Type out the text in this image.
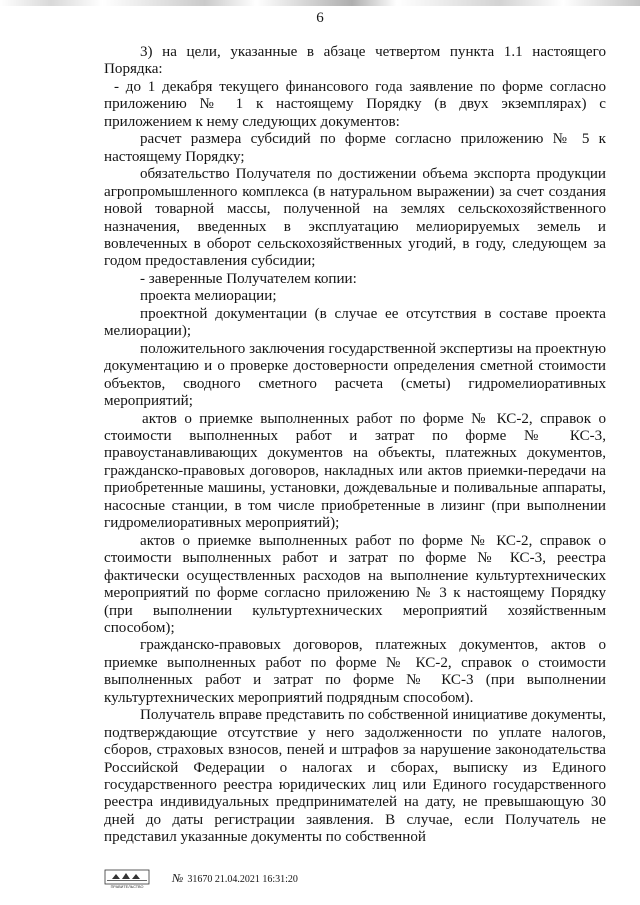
6

3) на цели, указанные в абзаце четвертом пункта 1.1 настоящего Порядка:

- до 1 декабря текущего финансового года заявление по форме согласно приложению № 1 к настоящему Порядку (в двух экземплярах) с приложением к нему следующих документов:

расчет размера субсидий по форме согласно приложению № 5 к настоящему Порядку;

обязательство Получателя по достижении объема экспорта продукции агропромышленного комплекса (в натуральном выражении) за счет создания новой товарной массы, полученной на землях сельскохозяйственного назначения, введенных в эксплуатацию мелиорируемых земель и вовлеченных в оборот сельскохозяйственных угодий, в году, следующем за годом предоставления субсидии;

- заверенные Получателем копии:

проекта мелиорации;

проектной документации (в случае ее отсутствия в составе проекта мелиорации);

положительного заключения государственной экспертизы на проектную документацию и о проверке достоверности определения сметной стоимости объектов, сводного сметного расчета (сметы) гидромелиоративных мероприятий;

актов о приемке выполненных работ по форме № КС-2, справок о стоимости выполненных работ и затрат по форме № КС-3, правоустанавливающих документов на объекты, платежных документов, гражданско-правовых договоров, накладных или актов приемки-передачи на приобретенные машины, установки, дождевальные и поливальные аппараты, насосные станции, в том числе приобретенные в лизинг (при выполнении гидромелиоративных мероприятий);

актов о приемке выполненных работ по форме № КС-2, справок о стоимости выполненных работ и затрат по форме № КС-3, реестра фактически осуществленных расходов на выполнение культуртехнических мероприятий по форме согласно приложению № 3 к настоящему Порядку (при выполнении культуртехнических мероприятий хозяйственным способом);

гражданско-правовых договоров, платежных документов, актов о приемке выполненных работ по форме № КС-2, справок о стоимости выполненных работ и затрат по форме № КС-3 (при выполнении культуртехнических мероприятий подрядным способом).

Получатель вправе представить по собственной инициативе документы, подтверждающие отсутствие у него задолженности по уплате налогов, сборов, страховых взносов, пеней и штрафов за нарушение законодательства Российской Федерации о налогах и сборах, выписку из Единого государственного реестра юридических лиц или Единого государственного реестра индивидуальных предпринимателей на дату, не превышающую 30 дней до даты регистрации заявления. В случае, если Получатель не представил указанные документы по собственной

ПРАВИТЕЛЬСТВО
№ 31670 21.04.2021 16:31:20
